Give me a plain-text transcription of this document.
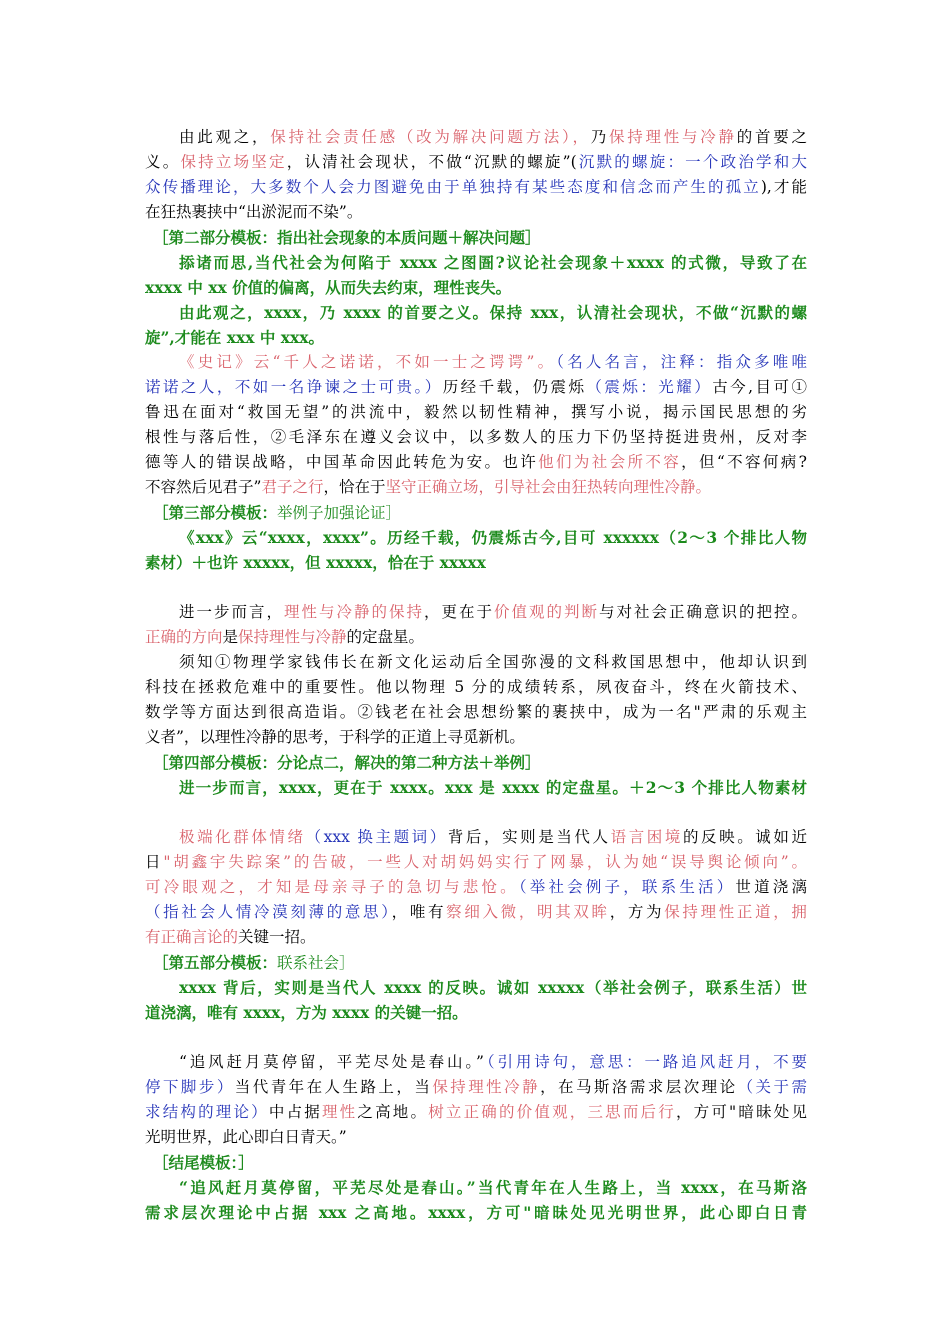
由此观之，保持社会责任感（改为解决问题方法），乃保持理性与冷静的首要之
义。保持立场坚定，认清社会现状，不做“沉默的螺旋”(沉默的螺旋：一个政治学和大
众传播理论，大多数个人会力图避免由于单独持有某些态度和信念而产生的孤立),才能
在狂热裹挟中“出淤泥而不染”。
［第二部分模板：指出社会现象的本质问题＋解决问题］
掭诸而思,当代社会为何陷于 xxxx 之图圄?议论社会现象＋xxxx 的式微，导致了在
xxxx 中 xx 价值的偏离，从而失去约束，理性丧失。
由此观之，xxxx，乃 xxxx 的首要之义。保持 xxx，认清社会现状，不做“沉默的螺
旋”,才能在 xxx 中 xxx。
《史记》云“千人之诺诺，不如一士之谔谔”。（名人名言，注释：指众多唯唯
诺诺之人，不如一名诤谏之士可贵。）历经千载，仍震烁（震烁：光耀）古今,目可①
鲁迅在面对“救国无望”的洪流中，毅然以韧性精神，撰写小说，揭示国民思想的劣
根性与落后性，②毛泽东在遵义会议中，以多数人的压力下仍坚持挺进贵州，反对李
德等人的错误战略，中国革命因此转危为安。也许他们为社会所不容，但“不容何病?
不容然后见君子”君子之行，恰在于坚守正确立场，引导社会由狂热转向理性冷静。
［第三部分模板：举例子加强论证］
《xxx》云“xxxx，xxxx”。历经千载，仍震烁古今,目可 xxxxxx（2～3 个排比人物
素材）＋也许 xxxxx，但 xxxxx，恰在于 xxxxx
进一步而言，理性与冷静的保持，更在于价值观的判断与对社会正确意识的把控。
正确的方向是保持理性与冷静的定盘星。
须知①物理学家钱伟长在新文化运动后全国弥漫的文科救国思想中，他却认识到
科技在拯救危难中的重要性。他以物理 5 分的成绩转系，夙夜奋斗，终在火箭技术、
数学等方面达到很高造诣。②钱老在社会思想纷繁的裹挟中，成为一名"严肃的乐观主
义者”，以理性冷静的思考，于科学的正道上寻觅新机。
［第四部分模板：分论点二，解决的第二种方法＋举例］
进一步而言，xxxx，更在于 xxxx。xxx 是 xxxx 的定盘星。＋2～3 个排比人物素材
极端化群体情绪（xxx 换主题词）背后，实则是当代人语言困境的反映。诚如近
日"胡鑫宇失踪案”的告破，一些人对胡妈妈实行了网暴，认为她“误导舆论倾向”。
可冷眼观之，才知是母亲寻子的急切与悲怆。（举社会例子，联系生活）世道浇漓
（指社会人情冷漠刻薄的意思），唯有察细入微，明其双眸，方为保持理性正道，拥
有正确言论的关键一招。
［第五部分模板：联系社会］
xxxx 背后，实则是当代人 xxxx 的反映。诚如 xxxxx（举社会例子，联系生活）世
道浇漓，唯有 xxxx，方为 xxxx 的关键一招。
“追风赶月莫停留，平芜尽处是春山。”（引用诗句，意思：一路追风赶月，不要
停下脚步）当代青年在人生路上，当保持理性冷静，在马斯洛需求层次理论（关于需
求结构的理论）中占据理性之高地。树立正确的价值观，三思而后行，方可"暗昧处见
光明世界，此心即白日青天。”
［结尾模板：］
“追风赶月莫停留，平芜尽处是春山。”当代青年在人生路上，当 xxxx，在马斯洛
需求层次理论中占据 xxx 之高地。xxxx，方可"暗昧处见光明世界，此心即白日青
